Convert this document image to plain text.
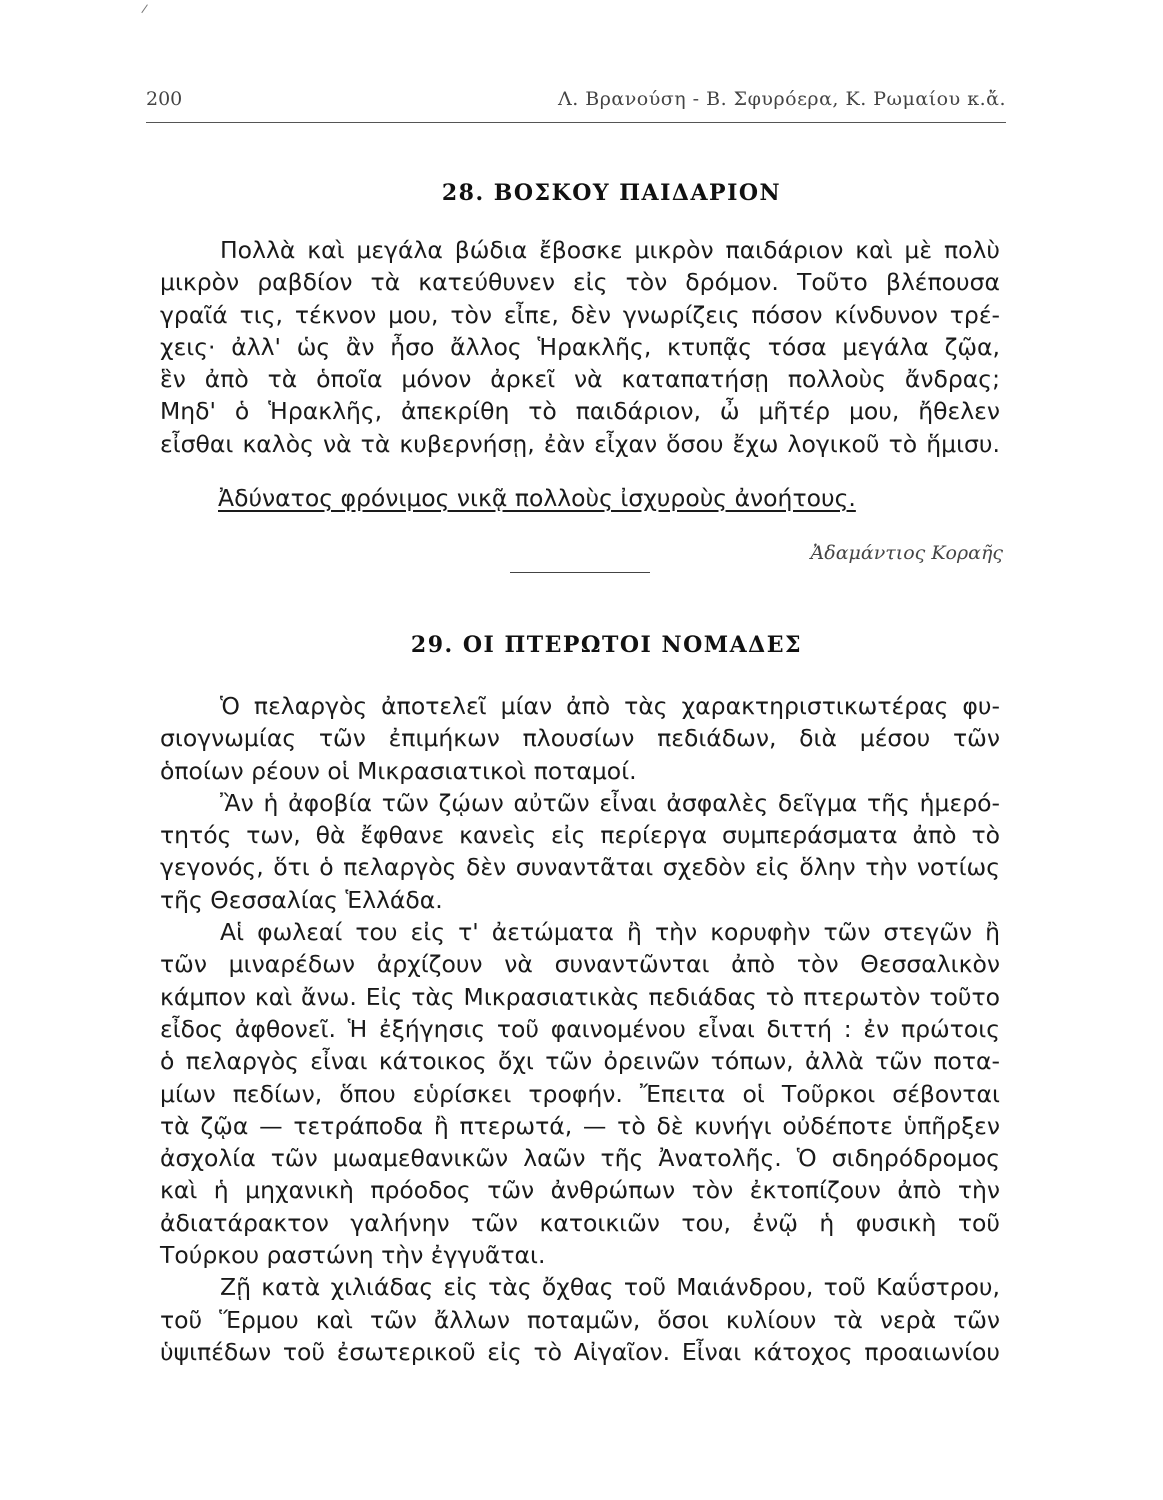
200	Λ. Βρανούση - Β. Σφυρόερα, Κ. Ρωμαίου κ.ἄ.
28. ΒΟΣΚΟΥ ΠΑΙΔΑΡΙΟΝ

Πολλὰ καὶ μεγάλα βώδια ἔβοσκε μικρὸν παιδάριον καὶ μὲ πολὺ

μικρὸν ραβδίον τὰ κατεύθυνεν εἰς τὸν δρόμον. Τοῦτο βλέπουσα

γραῖά τις, τέκνον μου, τὸν εἶπε, δὲν γνωρίζεις πόσον κίνδυνον τρέ-

χεις· ἀλλ' ὡς ἂν ἦσο ἄλλος Ἡρακλῆς, κτυπᾷς τόσα μεγάλα ζῷα,

ἓν ἀπὸ τὰ ὁποῖα μόνον ἀρκεῖ νὰ καταπατήσῃ πολλοὺς ἄνδρας;

Μηδ' ὁ Ἡρακλῆς, ἀπεκρίθη τὸ παιδάριον, ὦ μῆτέρ μου, ἤθελεν

εἶσθαι καλὸς νὰ τὰ κυβερνήσῃ, ἐὰν εἶχαν ὅσου ἔχω λογικοῦ τὸ ἥμισυ.

Ἀδύνατος φρόνιμος νικᾷ πολλοὺς ἰσχυροὺς ἀνοήτους.
Ἀδαμάντιος Κοραῆς
29. ΟΙ ΠΤΕΡΩΤΟΙ ΝΟΜΑΔΕΣ

Ὁ πελαργὸς ἀποτελεῖ μίαν ἀπὸ τὰς χαρακτηριστικωτέρας φυ-

σιογνωμίας τῶν ἐπιμήκων πλουσίων πεδιάδων, διὰ μέσου τῶν

ὁποίων ρέουν οἱ Μικρασιατικοὶ ποταμοί.

Ἂν ἡ ἀφοβία τῶν ζῴων αὐτῶν εἶναι ἀσφαλὲς δεῖγμα τῆς ἡμερό-

τητός των, θὰ ἔφθανε κανεὶς εἰς περίεργα συμπεράσματα ἀπὸ τὸ

γεγονός, ὅτι ὁ πελαργὸς δὲν συναντᾶται σχεδὸν εἰς ὅλην τὴν νοτίως

τῆς Θεσσαλίας Ἑλλάδα.

Αἱ φωλεαί του εἰς τ' ἀετώματα ἢ τὴν κορυφὴν τῶν στεγῶν ἢ

τῶν μιναρέδων ἀρχίζουν νὰ συναντῶνται ἀπὸ τὸν Θεσσαλικὸν

κάμπον καὶ ἄνω. Εἰς τὰς Μικρασιατικὰς πεδιάδας τὸ πτερωτὸν τοῦτο

εἶδος ἀφθονεῖ. Ἡ ἐξήγησις τοῦ φαινομένου εἶναι διττή : ἐν πρώτοις

ὁ πελαργὸς εἶναι κάτοικος ὄχι τῶν ὀρεινῶν τόπων, ἀλλὰ τῶν ποτα-

μίων πεδίων, ὅπου εὑρίσκει τροφήν. Ἔπειτα οἱ Τοῦρκοι σέβονται

τὰ ζῷα — τετράποδα ἢ πτερωτά, — τὸ δὲ κυνήγι οὐδέποτε ὑπῆρξεν

ἀσχολία τῶν μωαμεθανικῶν λαῶν τῆς Ἀνατολῆς. Ὁ σιδηρόδρομος

καὶ ἡ μηχανικὴ πρόοδος τῶν ἀνθρώπων τὸν ἐκτοπίζουν ἀπὸ τὴν

ἀδιατάρακτον γαλήνην τῶν κατοικιῶν του, ἐνῷ ἡ φυσικὴ τοῦ

Τούρκου ραστώνη τὴν ἐγγυᾶται.

Ζῇ κατὰ χιλιάδας εἰς τὰς ὄχθας τοῦ Μαιάνδρου, τοῦ Καΰστρου,

τοῦ Ἕρμου καὶ τῶν ἄλλων ποταμῶν, ὅσοι κυλίουν τὰ νερὰ τῶν

ὑψιπέδων τοῦ ἐσωτερικοῦ εἰς τὸ Αἰγαῖον. Εἶναι κάτοχος προαιωνίου
